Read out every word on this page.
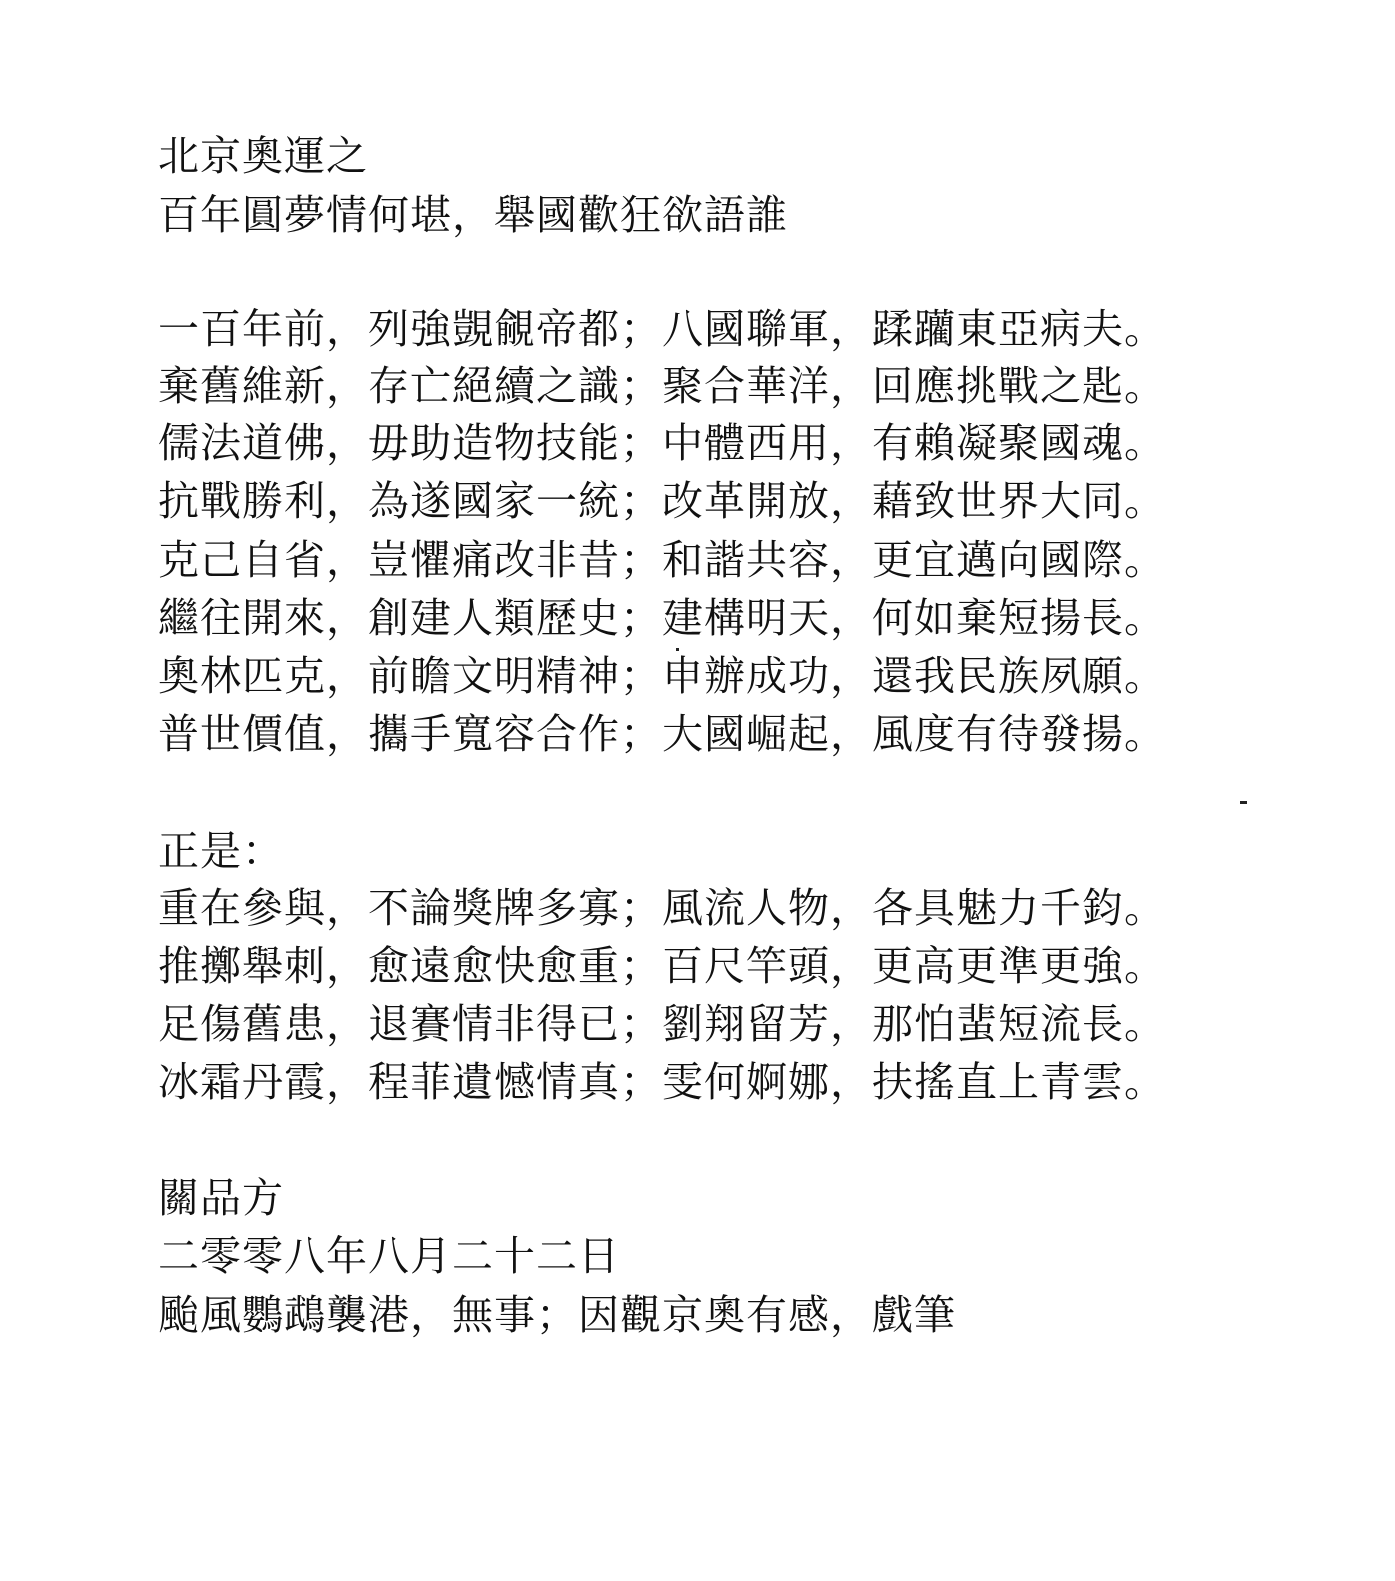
北京奧運之
百年圓夢情何堪，舉國歡狂欲語誰
一百年前，列強覬覦帝都；八國聯軍，蹂躪東亞病夫。
棄舊維新，存亡絕續之識；聚合華洋，回應挑戰之匙。
儒法道佛，毋助造物技能；中體西用，有賴凝聚國魂。
抗戰勝利，為遂國家一統；改革開放，藉致世界大同。
克己自省，豈懼痛改非昔；和諧共容，更宜邁向國際。
繼往開來，創建人類歷史；建構明天，何如棄短揚長。
奧林匹克，前瞻文明精神；申辦成功，還我民族夙願。
普世價值，攜手寬容合作；大國崛起，風度有待發揚。
正是：
重在參與，不論獎牌多寡；風流人物，各具魅力千鈞。
推擲舉刺，愈遠愈快愈重；百尺竿頭，更高更準更強。
足傷舊患，退賽情非得已；劉翔留芳，那怕蜚短流長。
冰霜丹霞，程菲遺憾情真；雯何婀娜，扶搖直上青雲。
關品方
二零零八年八月二十二日
颱風鸚鵡襲港，無事；因觀京奧有感，戲筆
